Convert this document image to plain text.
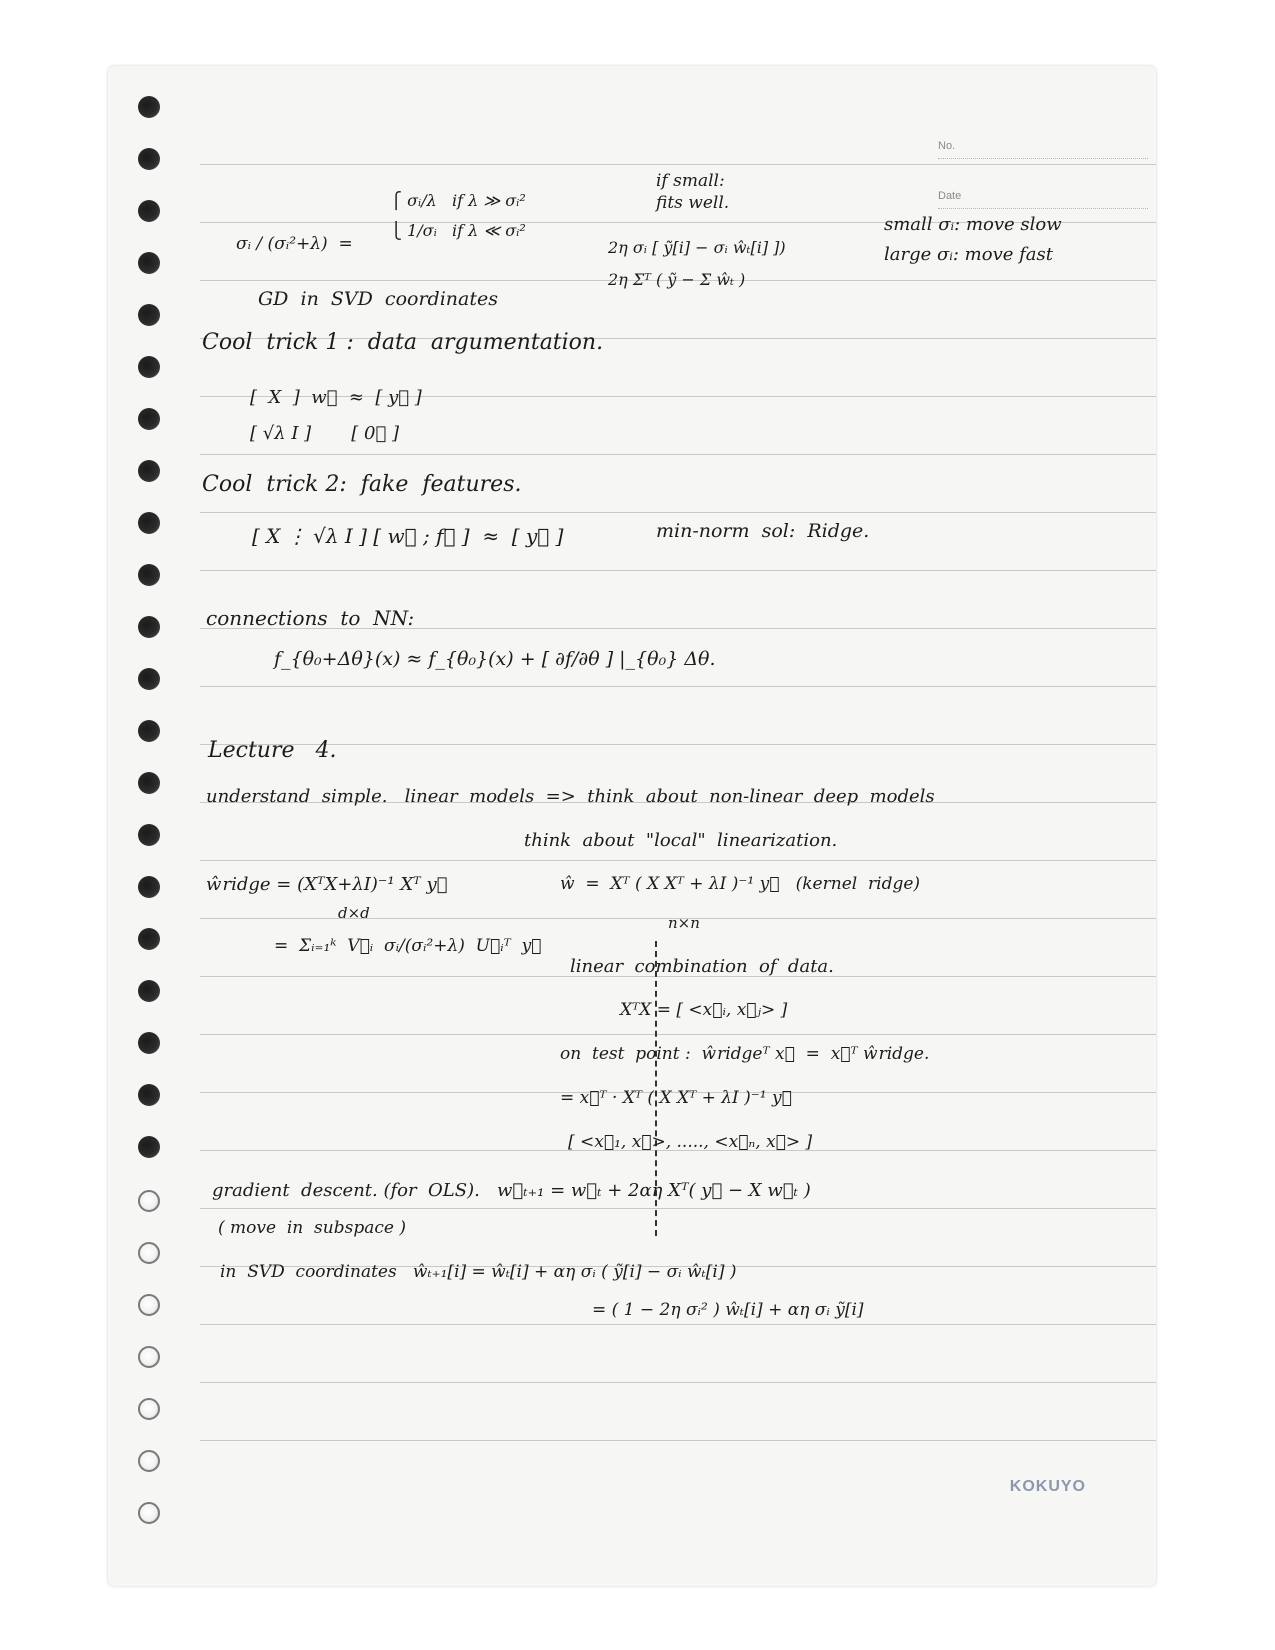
No.
Date
σᵢ / (σᵢ²+λ)  =
⎧ σᵢ/λ   if λ ≫ σᵢ²
⎩ 1/σᵢ   if λ ≪ σᵢ²
if small:
fits well.
2η σᵢ [ ỹ[i] − σᵢ ŵₜ[i] ])
2η Σᵀ ( ỹ − Σ ŵₜ )
small σᵢ: move slow
large σᵢ: move fast
GD  in  SVD  coordinates
Cool  trick 1 :  data  argumentation.
[  X  ]  w⃗  ≈  [ y⃗ ]
[ √λ I ]       [ 0⃗ ]
Cool  trick 2:  fake  features.
[ X ⋮ √λ I ] [ w⃗ ; f⃗ ]  ≈  [ y⃗ ]	min-norm  sol:  Ridge.
connections  to  NN:
f_{θ₀+Δθ}(x) ≈ f_{θ₀}(x) + [ ∂f/∂θ ] |_{θ₀} Δθ.
Lecture   4.
understand  simple.   linear  models  =>  think  about  non-linear  deep  models
think  about  "local"  linearization.
ŵridge = (XᵀX+λI)⁻¹ Xᵀ y⃗
d×d
=  Σᵢ₌₁ᵏ  V⃗ᵢ  σᵢ/(σᵢ²+λ)  U⃗ᵢᵀ  y⃗
ŵ  =  Xᵀ ( X Xᵀ + λI )⁻¹ y⃗   (kernel  ridge)
n×n
linear  combination  of  data.
XᵀX = [ <x⃗ᵢ, x⃗ⱼ> ]
on  test  point :  ŵridgeᵀ x⃗  =  x⃗ᵀ ŵridge.
= x⃗ᵀ · Xᵀ ( X Xᵀ + λI )⁻¹ y⃗
[ <x⃗₁, x⃗>, ....., <x⃗ₙ, x⃗> ]
gradient  descent. (for  OLS).   w⃗ₜ₊₁ = w⃗ₜ + 2αη Xᵀ( y⃗ − X w⃗ₜ )
( move  in  subspace )
in  SVD  coordinates   ŵₜ₊₁[i] = ŵₜ[i] + αη σᵢ ( ỹ[i] − σᵢ ŵₜ[i] )
= ( 1 − 2η σᵢ² ) ŵₜ[i] + αη σᵢ ỹ[i]
KOKUYO
